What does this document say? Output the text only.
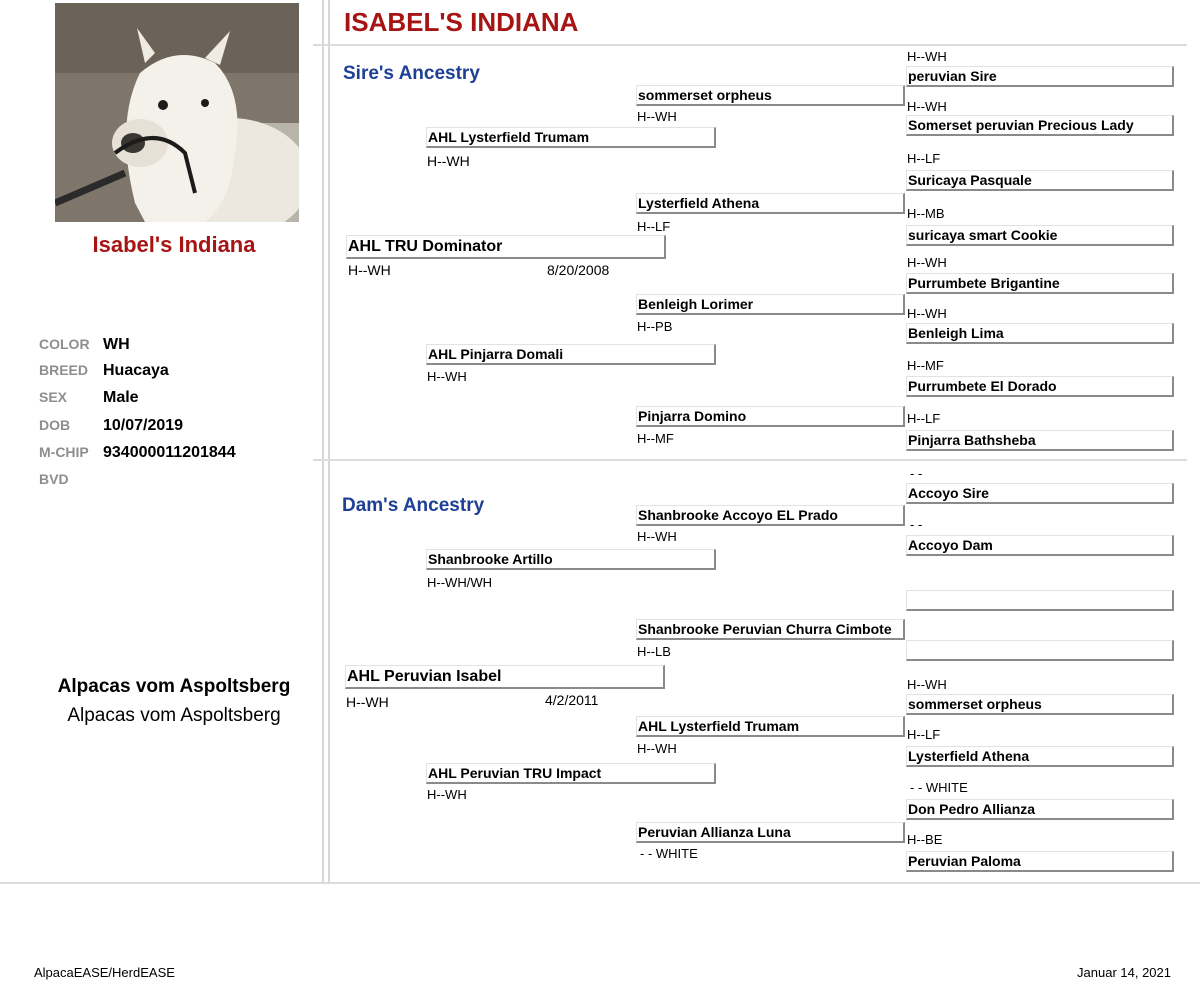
Isabel's Indiana
COLOR WH
BREED Huacaya
SEX Male
DOB 10/07/2019
M-CHIP 934000011201844
BVD
Alpacas vom Aspoltsberg
Alpacas vom Aspoltsberg
ISABEL'S INDIANA
Sire's Ancestry
AHL TRU Dominator
H--WH	8/20/2008
AHL Lysterfield Trumam
H--WH
AHL Pinjarra Domali
H--WH
sommerset orpheus
H--WH
Lysterfield Athena
H--LF
Benleigh Lorimer
H--PB
Pinjarra Domino
H--MF
H--WH
peruvian Sire
H--WH
Somerset peruvian Precious Lady
H--LF
Suricaya Pasquale
H--MB
suricaya smart Cookie
H--WH
Purrumbete Brigantine
H--WH
Benleigh Lima
H--MF
Purrumbete El Dorado
H--LF
Pinjarra Bathsheba
Dam's Ancestry
AHL Peruvian Isabel
H--WH	4/2/2011
Shanbrooke Artillo
H--WH/WH
AHL Peruvian TRU Impact
H--WH
Shanbrooke Accoyo EL Prado
H--WH
Shanbrooke Peruvian Churra Cimbote
H--LB
AHL Lysterfield Trumam
H--WH
Peruvian Allianza Luna
- - WHITE
- -
Accoyo Sire
- -
Accoyo Dam
H--WH
sommerset orpheus
H--LF
Lysterfield Athena
- - WHITE
Don Pedro Allianza
H--BE
Peruvian Paloma
AlpacaEASE/HerdEASE	Januar 14, 2021
